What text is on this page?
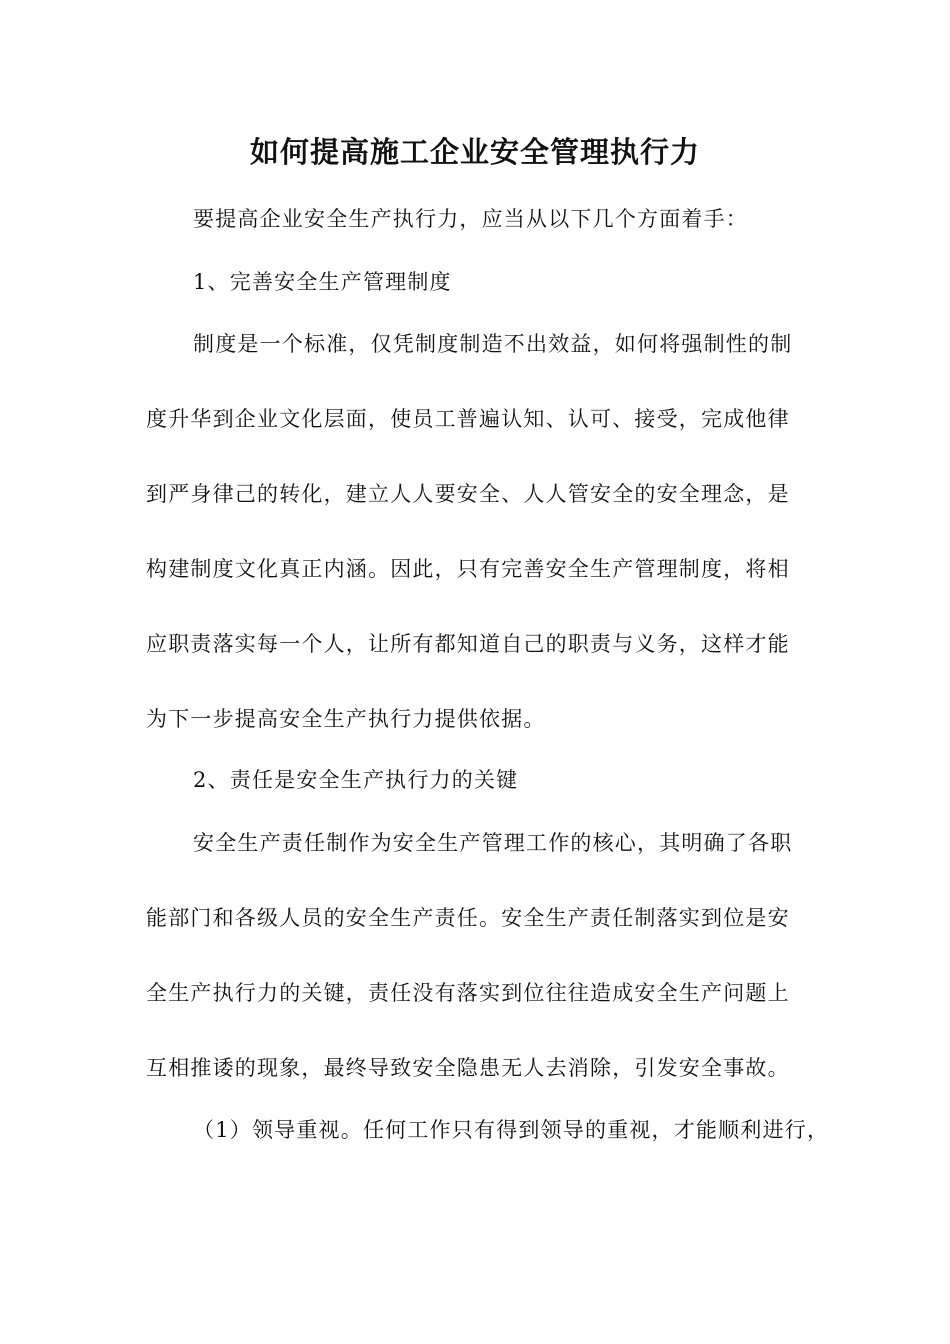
如何提高施工企业安全管理执行力
要提高企业安全生产执行力，应当从以下几个方面着手：
1、完善安全生产管理制度
制度是一个标准，仅凭制度制造不出效益，如何将强制性的制
度升华到企业文化层面，使员工普遍认知、认可、接受，完成他律
到严身律己的转化，建立人人要安全、人人管安全的安全理念，是
构建制度文化真正内涵。因此，只有完善安全生产管理制度，将相
应职责落实每一个人，让所有都知道自己的职责与义务，这样才能
为下一步提高安全生产执行力提供依据。
2、责任是安全生产执行力的关键
安全生产责任制作为安全生产管理工作的核心，其明确了各职
能部门和各级人员的安全生产责任。安全生产责任制落实到位是安
全生产执行力的关键，责任没有落实到位往往造成安全生产问题上
互相推诿的现象，最终导致安全隐患无人去消除，引发安全事故。
（1）领导重视。任何工作只有得到领导的重视，才能顺利进行，
